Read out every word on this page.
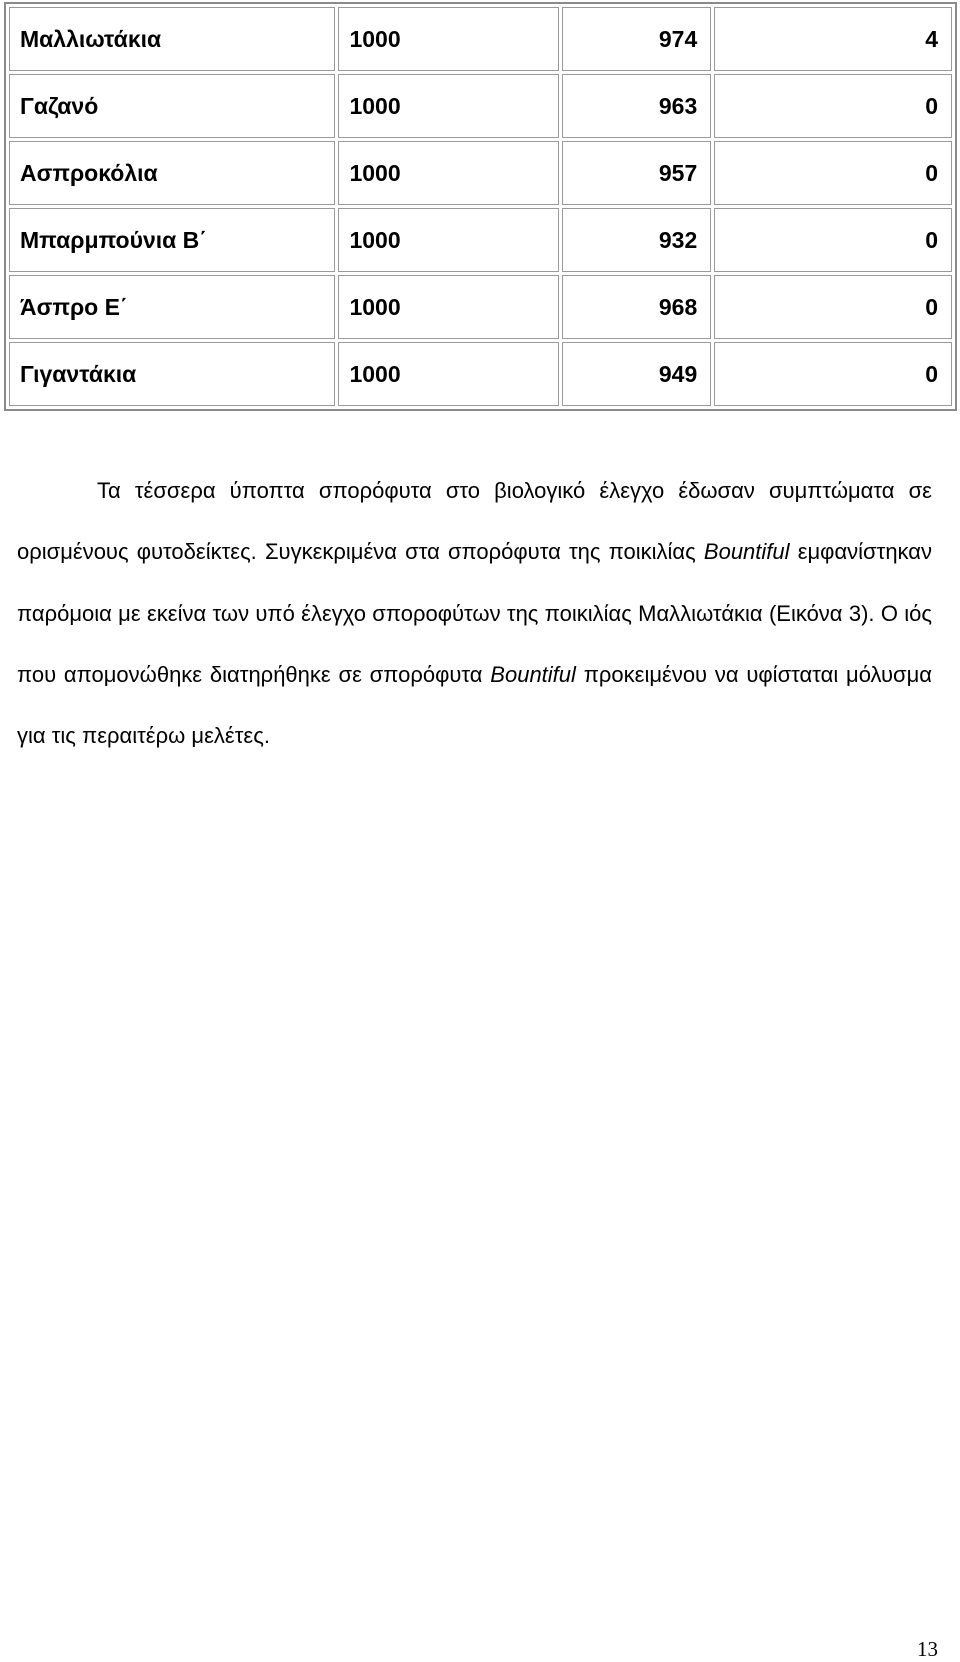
Μαλλιωτάκια	1000	974	4
Γαζανό	1000	963	0
Ασπροκόλια	1000	957	0
Μπαρμπούνια Β΄	1000	932	0
Άσπρο Ε΄	1000	968	0
Γιγαντάκια	1000	949	0

Τα τέσσερα ύποπτα σπορόφυτα στο βιολογικό έλεγχο έδωσαν συμπτώματα σε ορισμένους φυτοδείκτες. Συγκεκριμένα στα σπορόφυτα της ποικιλίας Bountiful εμφανίστηκαν παρόμοια με εκείνα των υπό έλεγχο σποροφύτων της ποικιλίας Μαλλιωτάκια (Εικόνα 3). Ο ιός που απομονώθηκε διατηρήθηκε σε σπορόφυτα Bountiful προκειμένου να υφίσταται μόλυσμα για τις περαιτέρω μελέτες.

13
